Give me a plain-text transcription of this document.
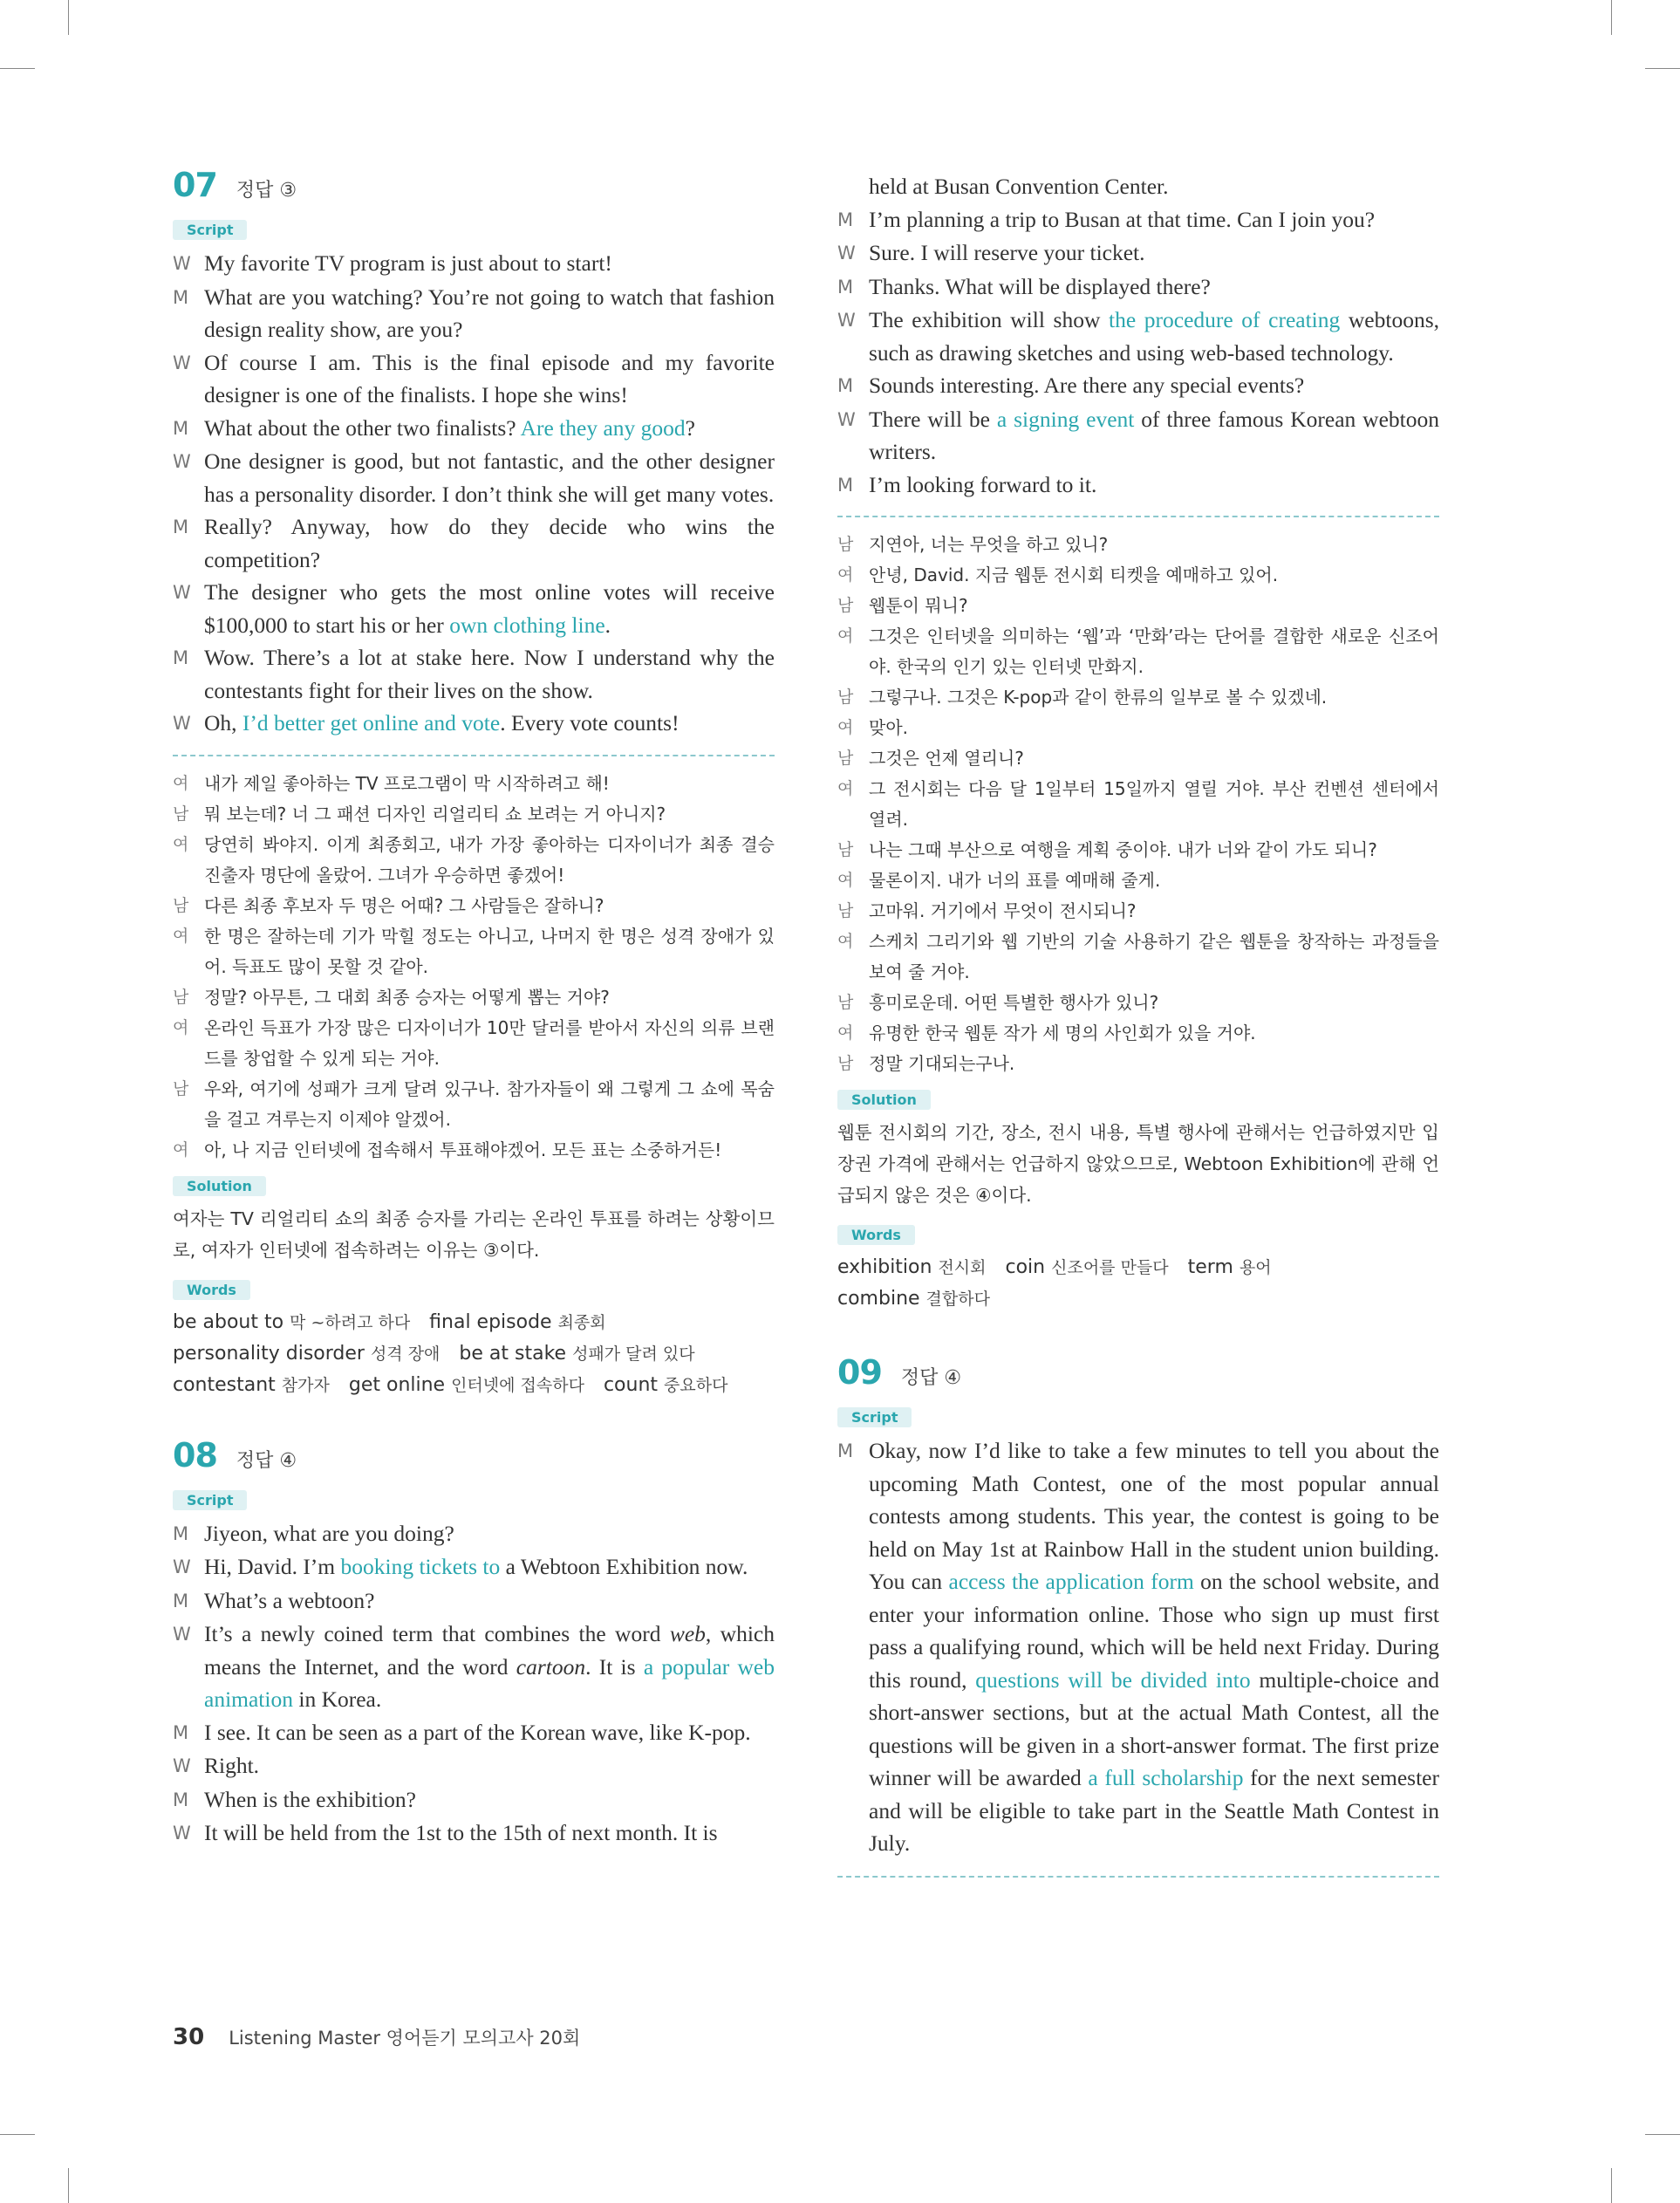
07 정답 ③
Script
W My favorite TV program is just about to start!
M What are you watching? You’re not going to watch that fashion design reality show, are you?
W Of course I am. This is the final episode and my favorite designer is one of the finalists. I hope she wins!
M What about the other two finalists? Are they any good?
W One designer is good, but not fantastic, and the other designer has a personality disorder. I don’t think she will get many votes.
M Really? Anyway, how do they decide who wins the competition?
W The designer who gets the most online votes will receive $100,000 to start his or her own clothing line.
M Wow. There’s a lot at stake here. Now I understand why the contestants fight for their lives on the show.
W Oh, I’d better get online and vote. Every vote counts!
여 내가 제일 좋아하는 TV 프로그램이 막 시작하려고 해!
남 뭐 보는데? 너 그 패션 디자인 리얼리티 쇼 보려는 거 아니지?
여 당연히 봐야지. 이게 최종회고, 내가 가장 좋아하는 디자이너가 최종 결승 진출자 명단에 올랐어. 그녀가 우승하면 좋겠어!
남 다른 최종 후보자 두 명은 어때? 그 사람들은 잘하니?
여 한 명은 잘하는데 기가 막힐 정도는 아니고, 나머지 한 명은 성격 장애가 있어. 득표도 많이 못할 것 같아.
남 정말? 아무튼, 그 대회 최종 승자는 어떻게 뽑는 거야?
여 온라인 득표가 가장 많은 디자이너가 10만 달러를 받아서 자신의 의류 브랜드를 창업할 수 있게 되는 거야.
남 우와, 여기에 성패가 크게 달려 있구나. 참가자들이 왜 그렇게 그 쇼에 목숨을 걸고 겨루는지 이제야 알겠어.
여 아, 나 지금 인터넷에 접속해서 투표해야겠어. 모든 표는 소중하거든!
Solution
여자는 TV 리얼리티 쇼의 최종 승자를 가리는 온라인 투표를 하려는 상황이므로, 여자가 인터넷에 접속하려는 이유는 ③이다.
Words
be about to 막 ~하려고 하다 final episode 최종회
personality disorder 성격 장애 be at stake 성패가 달려 있다
contestant 참가자 get online 인터넷에 접속하다 count 중요하다
08 정답 ④
Script
M Jiyeon, what are you doing?
W Hi, David. I’m booking tickets to a Webtoon Exhibition now.
M What’s a webtoon?
W It’s a newly coined term that combines the word web, which means the Internet, and the word cartoon. It is a popular web animation in Korea.
M I see. It can be seen as a part of the Korean wave, like K-pop.
W Right.
M When is the exhibition?
W It will be held from the 1st to the 15th of next month. It is
held at Busan Convention Center.
M I’m planning a trip to Busan at that time. Can I join you?
W Sure. I will reserve your ticket.
M Thanks. What will be displayed there?
W The exhibition will show the procedure of creating webtoons, such as drawing sketches and using web-based technology.
M Sounds interesting. Are there any special events?
W There will be a signing event of three famous Korean webtoon writers.
M I’m looking forward to it.
남 지연아, 너는 무엇을 하고 있니?
여 안녕, David. 지금 웹툰 전시회 티켓을 예매하고 있어.
남 웹툰이 뭐니?
여 그것은 인터넷을 의미하는 ‘웹’과 ‘만화’라는 단어를 결합한 새로운 신조어야. 한국의 인기 있는 인터넷 만화지.
남 그렇구나. 그것은 K-pop과 같이 한류의 일부로 볼 수 있겠네.
여 맞아.
남 그것은 언제 열리니?
여 그 전시회는 다음 달 1일부터 15일까지 열릴 거야. 부산 컨벤션 센터에서 열려.
남 나는 그때 부산으로 여행을 계획 중이야. 내가 너와 같이 가도 되니?
여 물론이지. 내가 너의 표를 예매해 줄게.
남 고마워. 거기에서 무엇이 전시되니?
여 스케치 그리기와 웹 기반의 기술 사용하기 같은 웹툰을 창작하는 과정들을 보여 줄 거야.
남 흥미로운데. 어떤 특별한 행사가 있니?
여 유명한 한국 웹툰 작가 세 명의 사인회가 있을 거야.
남 정말 기대되는구나.
Solution
웹툰 전시회의 기간, 장소, 전시 내용, 특별 행사에 관해서는 언급하였지만 입장권 가격에 관해서는 언급하지 않았으므로, Webtoon Exhibition에 관해 언급되지 않은 것은 ④이다.
Words
exhibition 전시회 coin 신조어를 만들다 term 용어
combine 결합하다
09 정답 ④
Script
M Okay, now I’d like to take a few minutes to tell you about the upcoming Math Contest, one of the most popular annual contests among students. This year, the contest is going to be held on May 1st at Rainbow Hall in the student union building. You can access the application form on the school website, and enter your information online. Those who sign up must first pass a qualifying round, which will be held next Friday. During this round, questions will be divided into multiple-choice and short-answer sections, but at the actual Math Contest, all the questions will be given in a short-answer format. The first prize winner will be awarded a full scholarship for the next semester and will be eligible to take part in the Seattle Math Contest in July.
30 Listening Master 영어듣기 모의고사 20회
